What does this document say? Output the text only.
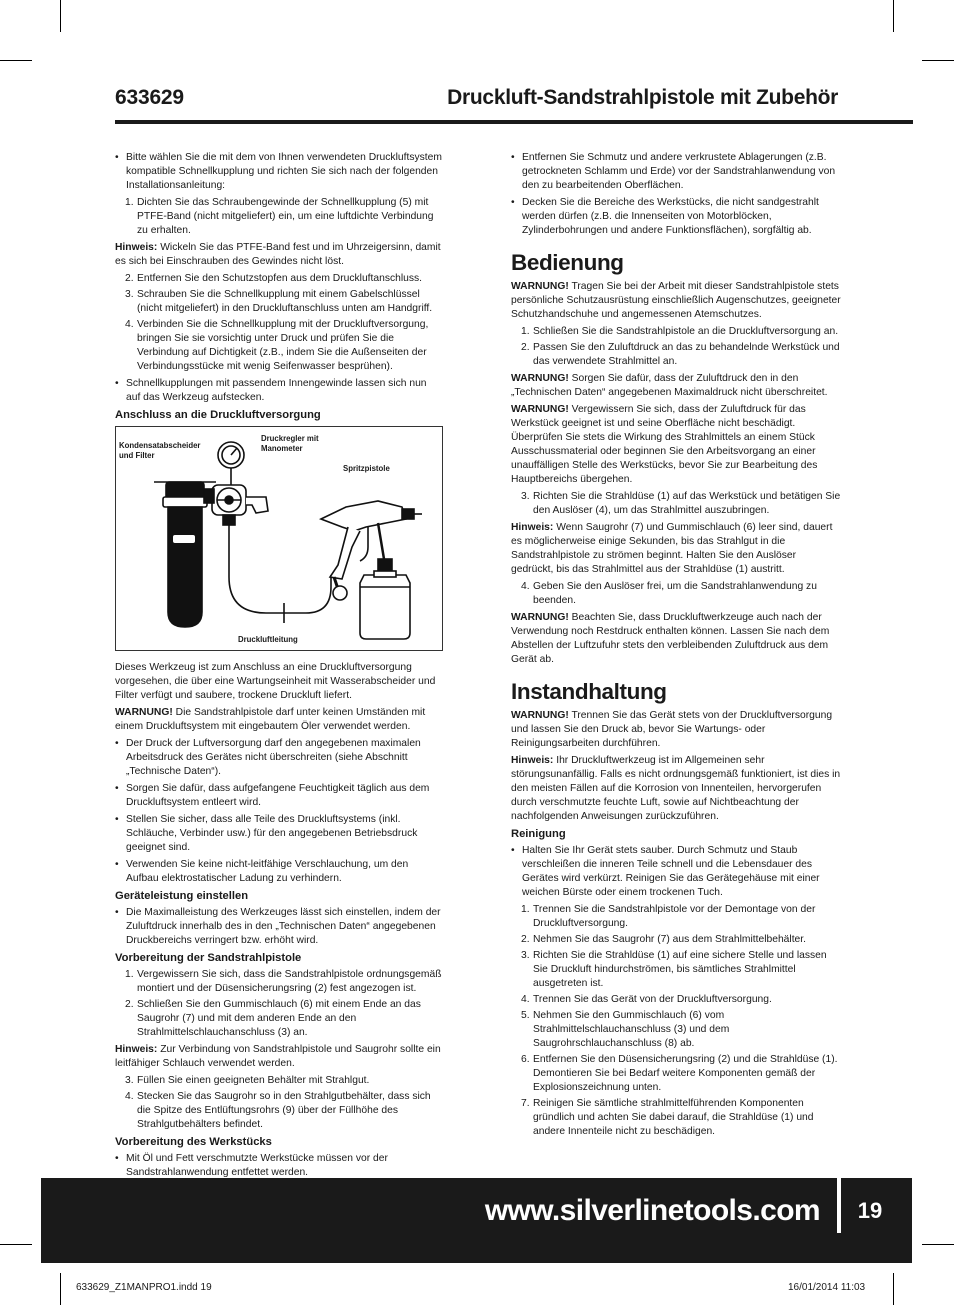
633629	Druckluft-Sandstrahlpistole mit Zubehör
• Bitte wählen Sie die mit dem von Ihnen verwendeten Druckluftsystem kompatible Schnellkupplung und richten Sie sich nach der folgenden Installationsanleitung:
1. Dichten Sie das Schraubengewinde der Schnellkupplung (5) mit PTFE-Band (nicht mitgeliefert) ein, um eine luftdichte Verbindung zu erhalten.

Hinweis: Wickeln Sie das PTFE-Band fest und im Uhrzeigersinn, damit es sich bei Einschrauben des Gewindes nicht löst.

2. Entfernen Sie den Schutzstopfen aus dem Druckluftanschluss.
3. Schrauben Sie die Schnellkupplung mit einem Gabelschlüssel (nicht mitgeliefert) in den Druckluftanschluss unten am Handgriff.
4. Verbinden Sie die Schnellkupplung mit der Druckluftversorgung, bringen Sie sie vorsichtig unter Druck und prüfen Sie die Verbindung auf Dichtigkeit (z.B., indem Sie die Außenseiten der Verbindungsstücke mit wenig Seifenwasser besprühen).
• Schnellkupplungen mit passendem Innengewinde lassen sich nun auf das Werkzeug aufstecken.
Anschluss an die Druckluftversorgung
Kondensatabscheider und Filter
Druckregler mit Manometer
Spritzpistole
Druckluftleitung

Dieses Werkzeug ist zum Anschluss an eine Druckluftversorgung vorgesehen, die über eine Wartungseinheit mit Wasserabscheider und Filter verfügt und saubere, trockene Druckluft liefert.

WARNUNG! Die Sandstrahlpistole darf unter keinen Umständen mit einem Druckluftsystem mit eingebautem Öler verwendet werden.

• Der Druck der Luftversorgung darf den angegebenen maximalen Arbeitsdruck des Gerätes nicht überschreiten (siehe Abschnitt „Technische Daten“).
• Sorgen Sie dafür, dass aufgefangene Feuchtigkeit täglich aus dem Druckluftsystem entleert wird.
• Stellen Sie sicher, dass alle Teile des Druckluftsystems (inkl. Schläuche, Verbinder usw.) für den angegebenen Betriebsdruck geeignet sind.
• Verwenden Sie keine nicht-leitfähige Verschlauchung, um den Aufbau elektrostatischer Ladung zu verhindern.
Geräteleistung einstellen
• Die Maximalleistung des Werkzeuges lässt sich einstellen, indem der Zuluftdruck innerhalb des in den „Technischen Daten“ angegebenen Druckbereichs verringert bzw. erhöht wird.
Vorbereitung der Sandstrahlpistole
1. Vergewissern Sie sich, dass die Sandstrahlpistole ordnungsgemäß montiert und der Düsensicherungsring (2) fest angezogen ist.
2. Schließen Sie den Gummischlauch (6) mit einem Ende an das Saugrohr (7) und mit dem anderen Ende an den Strahlmittelschlauchanschluss (3) an.

Hinweis: Zur Verbindung von Sandstrahlpistole und Saugrohr sollte ein leitfähiger Schlauch verwendet werden.

3. Füllen Sie einen geeigneten Behälter mit Strahlgut.
4. Stecken Sie das Saugrohr so in den Strahlgutbehälter, dass sich die Spitze des Entlüftungsrohrs (9) über der Füllhöhe des Strahlgutbehälters befindet.
Vorbereitung des Werkstücks
• Mit Öl und Fett verschmutzte Werkstücke müssen vor der Sandstrahlanwendung entfettet werden.
• Entfernen Sie Schmutz und andere verkrustete Ablagerungen (z.B. getrockneten Schlamm und Erde) vor der Sandstrahlanwendung von den zu bearbeitenden Oberflächen.
• Decken Sie die Bereiche des Werkstücks, die nicht sandgestrahlt werden dürfen (z.B. die Innenseiten von Motorblöcken, Zylinderbohrungen und andere Funktionsflächen), sorgfältig ab.
Bedienung

WARNUNG! Tragen Sie bei der Arbeit mit dieser Sandstrahlpistole stets persönliche Schutzausrüstung einschließlich Augenschutzes, geeigneter Schutzhandschuhe und angemessenen Atemschutzes.

1. Schließen Sie die Sandstrahlpistole an die Druckluftversorgung an.
2. Passen Sie den Zuluftdruck an das zu behandelnde Werkstück und das verwendete Strahlmittel an.

WARNUNG! Sorgen Sie dafür, dass der Zuluftdruck den in den „Technischen Daten“ angegebenen Maximaldruck nicht überschreitet.

WARNUNG! Vergewissern Sie sich, dass der Zuluftdruck für das Werkstück geeignet ist und seine Oberfläche nicht beschädigt. Überprüfen Sie stets die Wirkung des Strahlmittels an einem Stück Ausschussmaterial oder beginnen Sie den Arbeitsvorgang an einer unauffälligen Stelle des Werkstücks, bevor Sie zur Bearbeitung des Hauptbereichs übergehen.

3. Richten Sie die Strahldüse (1) auf das Werkstück und betätigen Sie den Auslöser (4), um das Strahlmittel auszubringen.

Hinweis: Wenn Saugrohr (7) und Gummischlauch (6) leer sind, dauert es möglicherweise einige Sekunden, bis das Strahlgut in die Sandstrahlpistole zu strömen beginnt. Halten Sie den Auslöser gedrückt, bis das Strahlmittel aus der Strahldüse (1) austritt.

4. Geben Sie den Auslöser frei, um die Sandstrahlanwendung zu beenden.

WARNUNG! Beachten Sie, dass Druckluftwerkzeuge auch nach der Verwendung noch Restdruck enthalten können. Lassen Sie nach dem Abstellen der Luftzufuhr stets den verbleibenden Zuluftdruck aus dem Gerät ab.

Instandhaltung

WARNUNG! Trennen Sie das Gerät stets von der Druckluftversorgung und lassen Sie den Druck ab, bevor Sie Wartungs- oder Reinigungsarbeiten durchführen.

Hinweis: Ihr Druckluftwerkzeug ist im Allgemeinen sehr störungsunanfällig. Falls es nicht ordnungsgemäß funktioniert, ist dies in den meisten Fällen auf die Korrosion von Innenteilen, hervorgerufen durch verschmutzte feuchte Luft, sowie auf Nichtbeachtung der nachfolgenden Anweisungen zurückzuführen.

Reinigung
• Halten Sie Ihr Gerät stets sauber. Durch Schmutz und Staub verschleißen die inneren Teile schnell und die Lebensdauer des Gerätes wird verkürzt. Reinigen Sie das Gerätegehäuse mit einer weichen Bürste oder einem trockenen Tuch.
1. Trennen Sie die Sandstrahlpistole vor der Demontage von der Druckluftversorgung.
2. Nehmen Sie das Saugrohr (7) aus dem Strahlmittelbehälter.
3. Richten Sie die Strahldüse (1) auf eine sichere Stelle und lassen Sie Druckluft hindurchströmen, bis sämtliches Strahlmittel ausgetreten ist.
4. Trennen Sie das Gerät von der Druckluftversorgung.
5. Nehmen Sie den Gummischlauch (6) vom Strahlmittelschlauchanschluss (3) und dem Saugrohrschlauchanschluss (8) ab.
6. Entfernen Sie den Düsensicherungsring (2) und die Strahldüse (1). Demontieren Sie bei Bedarf weitere Komponenten gemäß der Explosionszeichnung unten.
7. Reinigen Sie sämtliche strahlmittelführenden Komponenten gründlich und achten Sie dabei darauf, die Strahldüse (1) und andere Innenteile nicht zu beschädigen.
www.silverlinetools.com	19
633629_Z1MANPRO1.indd 19	16/01/2014 11:03
